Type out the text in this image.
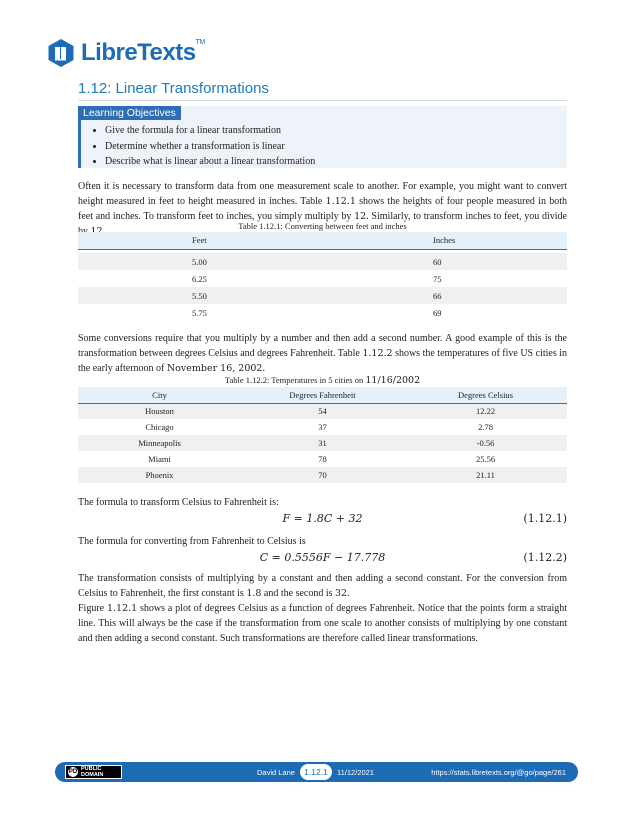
LibreTexts™
1.12: Linear Transformations
Learning Objectives
• Give the formula for a linear transformation
• Determine whether a transformation is linear
• Describe what is linear about a linear transformation

Often it is necessary to transform data from one measurement scale to another. For example, you might want to convert height measured in feet to height measured in inches. Table 1.12.1 shows the heights of four people measured in both feet and inches. To transform feet to inches, you simply multiply by 12. Similarly, to transform inches to feet, you divide

Table 1.12.1: Converting between feet and inches
	Feet	Inches

	5.00	60
	6.25	75
	5.50	66
	5.75	69

Some conversions require that you multiply by a number and then add a second number. A good example of this is the transformation between degrees Celsius and degrees Fahrenheit. Table 1.12.2 shows the temperatures of five US cities in the early afternoon of November 16, 2002.

Table 1.12.2: Temperatures in 5 cities on 11/16/2002
City	Degrees Fahrenheit	Degrees Celsius
Houston	54	12.22
Chicago	37	2.78
Minneapolis	31	-0.56
Miami	78	25.56
Phoenix	70	21.11

The formula to transform Celsius to Fahrenheit is:

F = 1.8C + 32	(1.12.1)

The formula for converting from Fahrenheit to Celsius is

C = 0.5556F − 17.778	(1.12.2)

The transformation consists of multiplying by a constant and then adding a second constant. For the conversion from Celsius to Fahrenheit, the first constant is 1.8 and the second is 32.

Figure 1.12.1 shows a plot of degrees Celsius as a function of degrees Fahrenheit. Notice that the points form a straight line. This will always be the case if the transformation from one scale to another consists of multiplying by one constant and then adding a second constant. Such transformations are therefore called linear transformations.

PD PUBLIC
DOMAIN	David Lane	1.12.1	11/12/2021	https://stats.libretexts.org/@go/page/261
